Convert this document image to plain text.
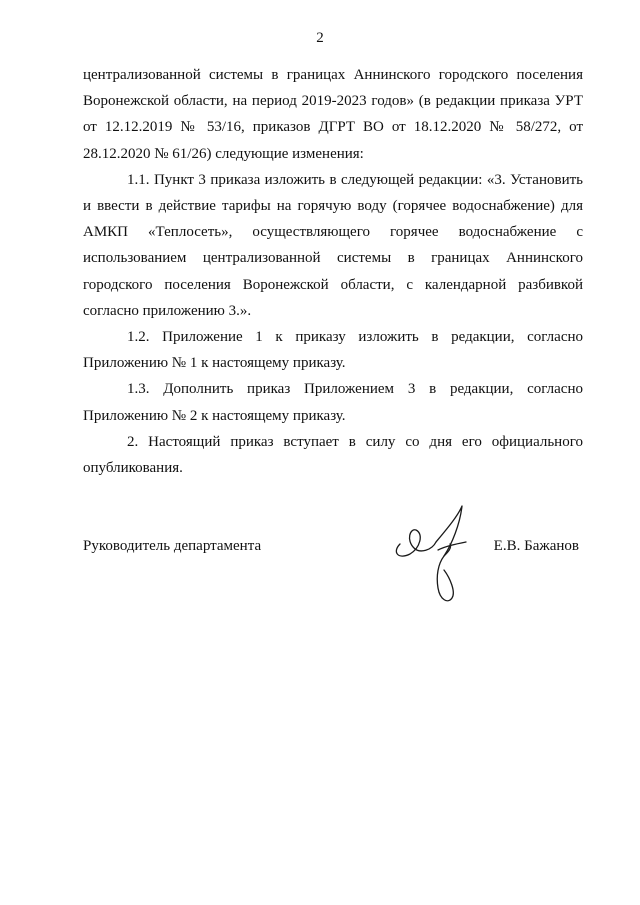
2

централизованной системы в границах Аннинского городского поселения
Воронежской области, на период 2019-2023 годов» (в редакции приказа УРТ
от 12.12.2019 № 53/16, приказов ДГРТ ВО от 18.12.2020 № 58/272, от
28.12.2020 № 61/26) следующие изменения:

1.1. Пункт 3 приказа изложить в следующей редакции: «3. Установить
и ввести в действие тарифы на горячую воду (горячее водоснабжение) для
АМКП «Теплосеть», осуществляющего горячее водоснабжение с
использованием централизованной системы в границах Аннинского
городского поселения Воронежской области, с календарной разбивкой
согласно приложению 3.».

1.2. Приложение 1 к приказу изложить в редакции, согласно
Приложению № 1 к настоящему приказу.

1.3. Дополнить приказ Приложением 3 в редакции, согласно
Приложению № 2 к настоящему приказу.

2. Настоящий приказ вступает в силу со дня его официального
опубликования.

Руководитель департамента	Е.В. Бажанов
